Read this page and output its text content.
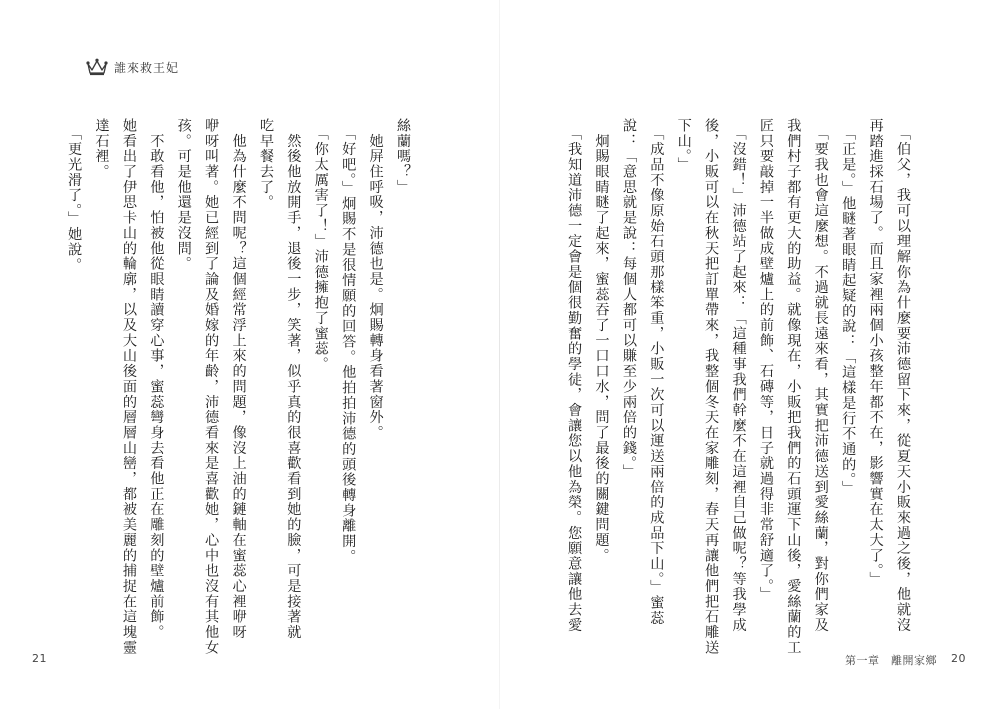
誰來救王妃
絲蘭嗎？」
　她屏住呼吸，沛德也是。炯賜轉身看著窗外。
　「好吧。」炯賜不是很情願的回答。他拍拍沛德的頭後轉身離開。
　「你太厲害了！」沛德擁抱了蜜蕊。
　然後他放開手，退後一步，笑著，似乎真的很喜歡看到她的臉，可是接著就
吃早餐去了。
　他為什麼不問呢？這個經常浮上來的問題，像沒上油的鏈軸在蜜蕊心裡咿呀
咿呀叫著。她已經到了論及婚嫁的年齡，沛德看來是喜歡她，心中也沒有其他女
孩。可是他還是沒問。
　不敢看他，怕被他從眼睛讀穿心事，蜜蕊彎身去看他正在雕刻的壁爐前飾。
她看出了伊思卡山的輪廓，以及大山後面的層層山巒，都被美麗的捕捉在這塊靈
達石裡。
　「更光滑了。」她說。
21
　「伯父，我可以理解你為什麼要沛德留下來，從夏天小販來過之後，他就沒
再踏進採石場了。而且家裡兩個小孩整年都不在，影響實在太大了。」
　「正是。」他瞇著眼睛起疑的說：「這樣是行不通的。」
　「要我也會這麼想。不過就長遠來看，其實把沛德送到愛絲蘭，對你們家及
我們村子都有更大的助益。就像現在，小販把我們的石頭運下山後，愛絲蘭的工
匠只要敲掉一半做成壁爐上的前飾、石磚等，日子就過得非常舒適了。」
　「沒錯！」沛德站了起來：「這種事我們幹麼不在這裡自己做呢？等我學成
後，小販可以在秋天把訂單帶來，我整個冬天在家雕刻，春天再讓他們把石雕送
下山。」
　「成品不像原始石頭那樣笨重，小販一次可以運送兩倍的成品下山。」蜜蕊
說：「意思就是說：每個人都可以賺至少兩倍的錢。」
　炯賜眼睛瞇了起來，蜜蕊吞了一口口水，問了最後的關鍵問題。
　「我知道沛德一定會是個很勤奮的學徒，會讓您以他為榮。您願意讓他去愛
第一章　離開家鄉 20
